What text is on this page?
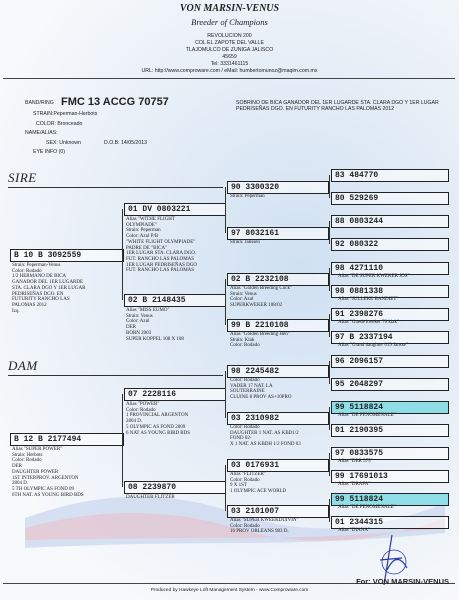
VON MARSIN-VENUS
Breeder of Champions
REVOLUCION 200
COL EL ZAPOTE DEL VALLE
TLAJOMULCO DE ZUNIGA JALISCO
45659
Tel: 3331461115
URL: http://www.comproware.com / eMail: humbertomunoz@maqim.com.mx
BAND/RING FMC 13 ACCG 70757
STRAIN:Peperman-Herbots
COLOR: Bronceado
NAME/ALIAS:
SEX: Unknown	D.O.B: 14/05/2013
EYE INFO (0)
SOBRINO DE BICA GANADOR DEL 1ER LUGARDE STA. CLARA DGO Y 1ER LUGAR PEDRISEÑAS DGO. EN FUTURITY RANCHO LAS PALOMAS 2012
SIRE
DAM
B 10 B 3092559
Strain: Peperman-Venus
Color: Rodado
1/2 HERMANO DE BICA
GANADOR DEL 1ER LUGARDE
STA. CLARA DGO Y 1ER LUGAR
PEDRISEÑAS DGO. EN
FUTURITY RANCHO LAS
PALOMAS 2012
Izq.
B 12 B 2177494
Alias "SUPER POWER"
Strain: Herbots
Color: Rodado
DER
DAUGHTER POWER
1ST INTERPROV. ARGENTON
2804 D.
5 TH OLYMPIC AS FOND 09
6TH NAT. AS YOUNG BIRD BDS
01 DV 0803221
Alias "WITHE FLIGHT
OLYMPIADE"
Strain: Peperman
Color: Azul P/B
"WHITE FLIGHT OLYMPIADE"
PADRE DE "BICA"
1ER LUGAR STA. CLARA DGO.
FUT. RANCHO LAS PALOMAS
1ER LUGAR PEDRISEÑAS DGO
FUT. RANCHO LAS PALOMAS
02 B 2148435
Alias "MISS EUMO"
Strain: Venus
Color: Azul
DER
BORN 2003
SUPER KOPPEL 108 X 108
07 2228116
Alias "POWER"
Color: Rodado
1 PROVINCIAL ARGENTON
2804 D.
5 OLYMPIC AS FOND 2009
6 NAT AS YOUNG BIRD BDS
08 2239870
DAUGHTER FLITZER
90 3300320
Strain: Peperman
97 8032161
Strain: Janssen
02 B 2232108
Alias "Golden Breeding Cock"
Strain: Venus
Color: Azul
SUPERKWEKER 108/02
99 B 2210108
Alias "Golden Breeding Hen"
Strain: Klak
Color: Rodado
98 2245482
Color: Rodado
VADER 17 NAT. LA
SOUTERRAINE
CLUINE 8 PROV AS+10PRO
03 2310982
Color: Rodado
DAUGHTER 1 NAT. AS KBD1/2
FOND 02-
X 1 NAT. AS KBDH 1/2 FOND 03
03 0176931
Alias "FLITZER"
Color: Rodado
9 X 1ST
1 OLYMPIC ACE WORLD
03 2101007
Alias "SUPER KWEEKDUIVIN"
Color: Rodado
16 PROV ORLEANS 983 D.
83 484770
80 529269
88 0803244
92 080322
98 4271110
Alias "DE SUPER KWEKER JOS"
98 0881338
Alias "JULLEKE BANDIET"
91 2398276
Alias "Goede kweker 76 klak"
97 B 2337194
Alias "Grand daughter 019 Jansse"
96 2096157
95 2048297
99 5118824
Alias "DE FENOMENALE"
01 2190395
97 0833575
Alias "DER 575"
99 17691013
Alias "DRAFA"
99 5118824
Alias "DE FENOMENALE"
01 2344315
Alias "DIANA"
Produced by Hawkeye Loft Management System - www.Comproware.com
For: VON MARSIN-VENUS
